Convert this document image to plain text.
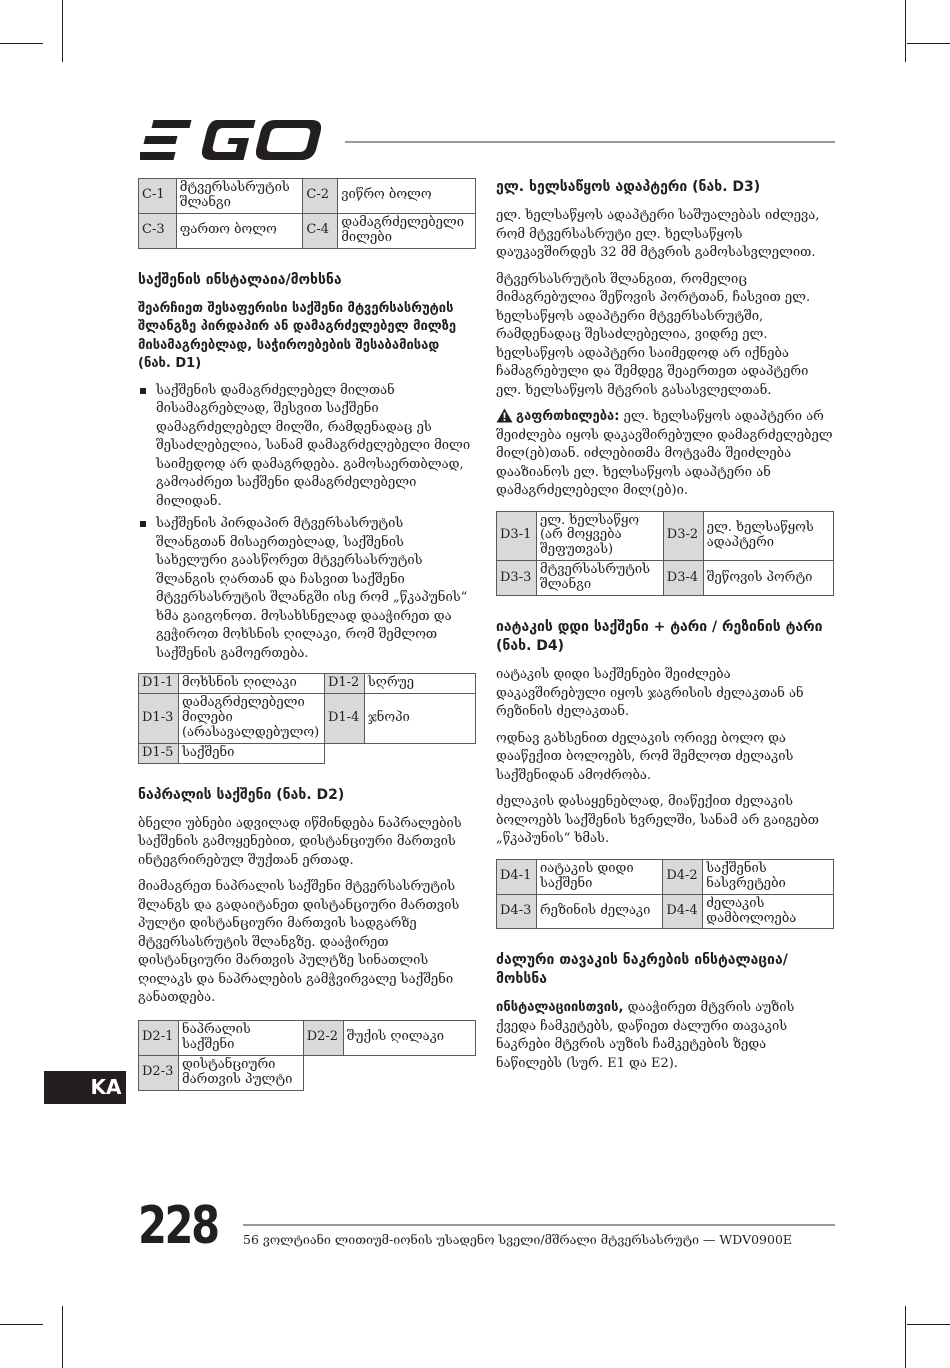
C-1	მტვერსასრუტის შლანგი	C-2	ვიწრო ბოლო
C-3	ფართო ბოლო	C-4	დამაგრძელებელი მილები
საქშენის ინსტალაია/მოხსნა

შეარჩიეთ შესაფერისი საქშენი მტვერსასრუტის შლანგზე პირდაპირ ან დამაგრძელებელ მილზე მისამაგრებლად, საჭიროებების შესაბამისად (ნახ. D1)

საქშენის დამაგრძელებელ მილთან მისამაგრებლად, შესვით საქშენი დამაგრძელებელ მილში, რამდენადაც ეს შესაძლებელია, სანამ დამაგრძელებელი მილი საიმედოდ არ დამაგრდება. გამოსაერთბლად, გამოაძრეთ საქშენი დამაგრძელებელი მილიდან.
საქშენის პირდაპირ მტვერსასრუტის შლანგთან მისაერთებლად, საქშენის სახელური გაასწორეთ მტვერსასრუტის შლანგის ღართან და ჩასვით საქშენი მტვერსასრუტის შლანგში ისე რომ „წკაპუნის“ ხმა გაიგონოთ. მოსახსნელად დააჭირეთ და გეჭიროთ მოხსნის ღილაკი, რომ შემლოთ საქშენის გამოერთება.
D1-1	მოხსნის ღილაკი	D1-2	სღრუე
D1-3	დამაგრძელებელი მილები (არასავალდებულო)	D1-4	ჯნოპი
D1-5	საქშენი		
ნაპრალის საქშენი (ნახ. D2)

ბნელი უბნები ადვილად იწმინდება ნაპრალების საქშენის გამოყენებით, დისტანციური მართვის ინტეგრირებულ შუქთან ერთად.

მიამაგრეთ ნაპრალის საქშენი მტვერსასრუტის შლანგს და გადაიტანეთ დისტანციური მართვის პულტი დისტანციური მართვის სადგარზე მტვერსასრუტის შლანგზე. დააჭირეთ დისტანციური მართვის პულტზე სინათლის ღილაკს და ნაპრალების გამჭვირვალე საქშენი განათდება.

D2-1	ნაპრალის საქშენი	D2-2	შუქის ღილაკი
D2-3	დისტანციური მართვის პულტი		
ელ. ხელსაწყოს ადაპტერი (ნახ. D3)

ელ. ხელსაწყოს ადაპტერი საშუალებას იძლევა, რომ მტვერსასრუტი ელ. ხელსაწყოს დაუკავშირდეს 32 მმ მტვრის გამოსასვლელით.

მტვერსასრუტის შლანგით, რომელიც მიმაგრებულია შეწოვის პორტთან, ჩასვით ელ. ხელსაწყოს ადაპტერი მტვერსასრუტში, რამდენადაც შესაძლებელია, ვიდრე ელ. ხელსაწყოს ადაპტერი საიმედოდ არ იქნება ჩამაგრებული და შემდეგ შეაერთეთ ადაპტერი ელ. ხელსაწყოს მტვრის გასასვლელთან.

გაფრთხილება: ელ. ხელსაწყოს ადაპტერი არ შეიძლება იყოს დაკავშირებული დამაგრძელებელ მილ(ებ)თან. იძლებითმა მოტვამა შეიძლება დააზიანოს ელ. ხელსაწყოს ადაპტერი ან დამაგრძელებელი მილ(ებ)ი.

D3-1	ელ. ხელსაწყო (არ მოყვება შეფუთვას)	D3-2	ელ. ხელსაწყოს ადაპტერი
D3-3	მტვერსასრუტის შლანგი	D3-4	შეწოვის პორტი
იატაკის დდი საქშენი + ტარი / რეზინის ტარი (ნახ. D4)

იატაკის დიდი საქშენები შეიძლება დაკავშირებული იყოს ჯაგრისის ძელაკთან ან რეზინის ძელაკთან.

ოდნავ გახსენით ძელაკის ორივე ბოლო და დააწექით ბოლოებს, რომ შემლოთ ძელაკის საქშენიდან ამოძრობა.

ძელაკის დასაყენებლად, მიაწექით ძელაკის ბოლოებს საქშენის ხვრელში, სანამ არ გაიგებთ „წკაპუნის“ ხმას.

D4-1	იატაკის დიდი საქშენი	D4-2	საქშენის ნასვრეტები
D4-3	რეზინის ძელაკი	D4-4	ძელაკის დამბოლოება
ძალური თავაკის ნაკრების ინსტალაცია/ მოხსნა

ინსტალაციისთვის, დააჭირეთ მტვრის აუზის ქვედა ჩამკეტებს, დაწიეთ ძალური თავაკის ნაკრები მტვრის აუზის ჩამკეტების ზედა ნაწილებს (სურ. E1 და E2).

KA
228 56 ვოლტიანი ლითიუმ-იონის უსადენო სველი/მშრალი მტვერსასრუტი — WDV0900E
